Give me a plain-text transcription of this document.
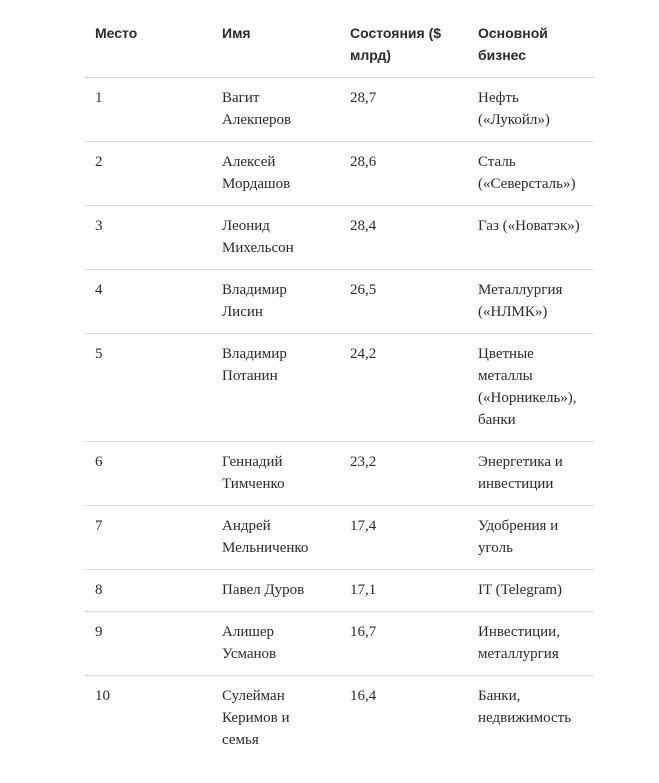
Место	Имя	Состояния ($ млрд)	Основной бизнес
1	Вагит Алекперов	28,7	Нефть («Лукойл»)
2	Алексей Мордашов	28,6	Сталь («Северсталь»)
3	Леонид Михельсон	28,4	Газ («Новатэк»)
4	Владимир Лисин	26,5	Металлургия («НЛМК»)
5	Владимир Потанин	24,2	Цветные металлы («Норникель»), банки
6	Геннадий Тимченко	23,2	Энергетика и инвестиции
7	Андрей Мельниченко	17,4	Удобрения и уголь
8	Павел Дуров	17,1	IT (Telegram)
9	Алишер Усманов	16,7	Инвестиции, металлургия
10	Сулейман Керимов и семья	16,4	Банки, недвижимость
